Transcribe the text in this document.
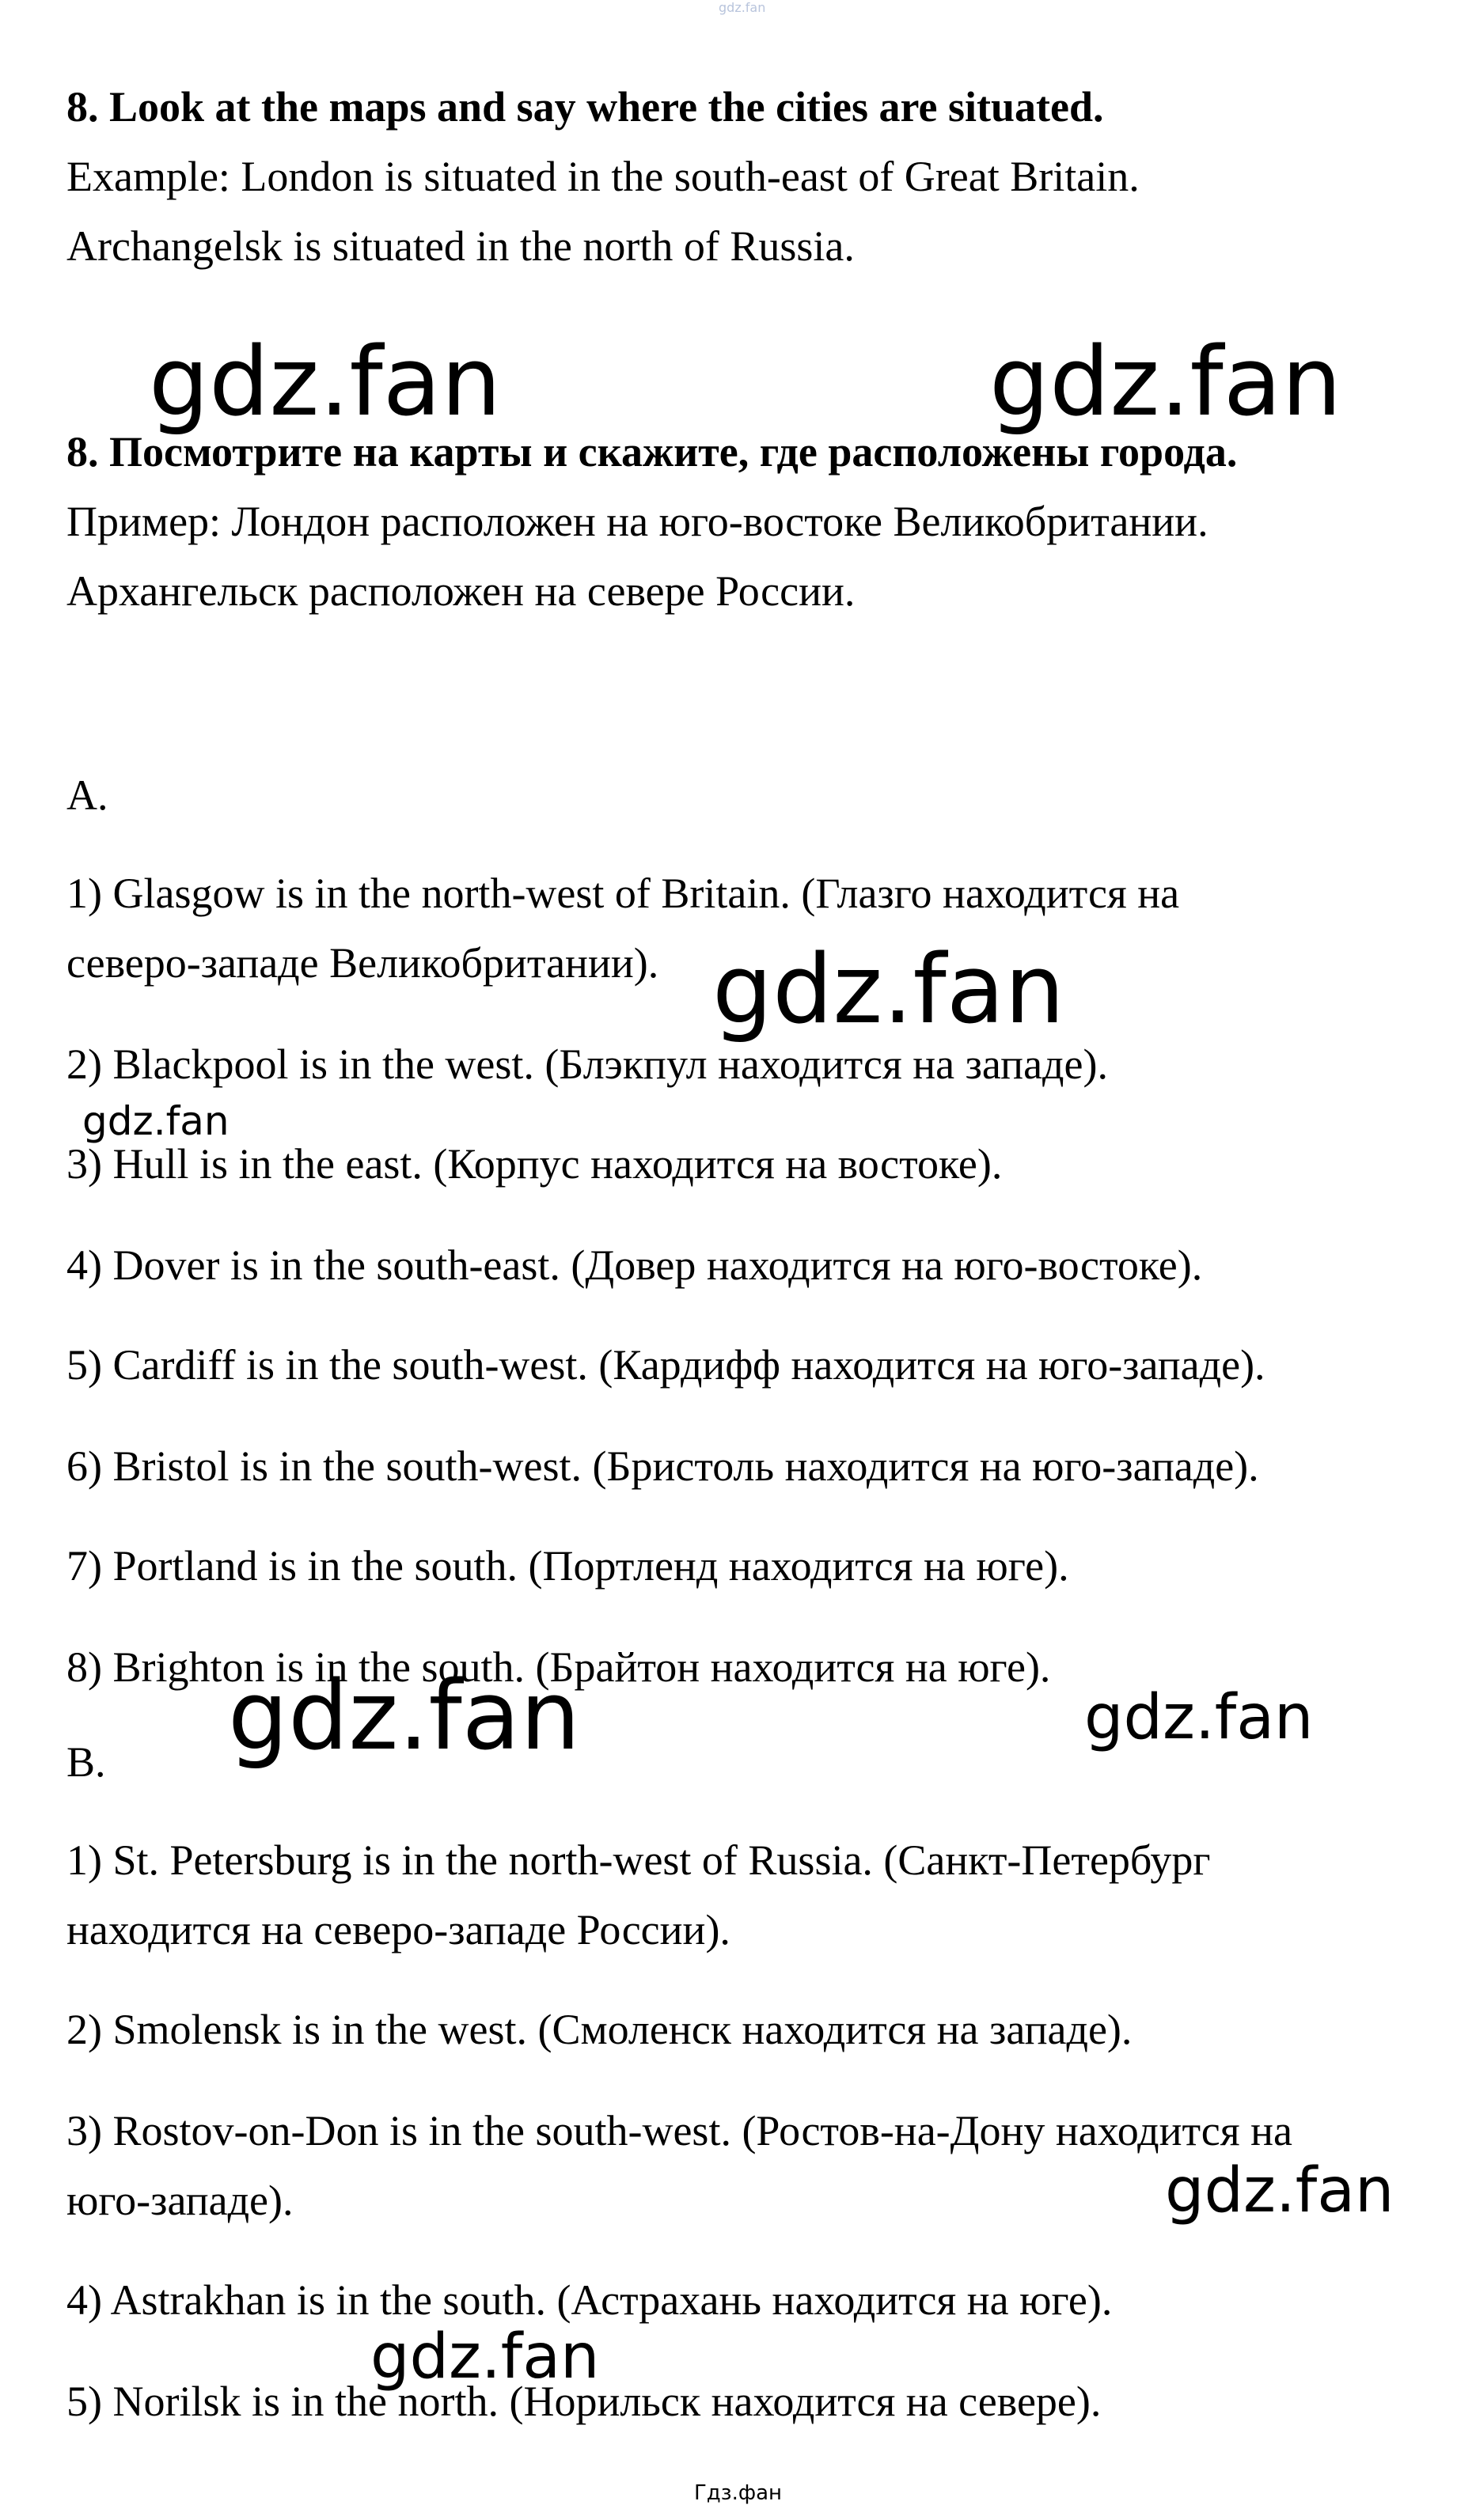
gdz.fan
8. Look at the maps and say where the cities are situated.
Example: London is situated in the south-east of Great Britain.
Archangelsk is situated in the north of Russia.
8. Посмотрите на карты и скажите, где расположены города.
Пример: Лондон расположен на юго-востоке Великобритании.
Архангельск расположен на севере России.
A.
1) Glasgow is in the north-west of Britain. (Глазго находится на
северо-западе Великобритании).
2) Blackpool is in the west. (Блэкпул находится на западе).
3) Hull is in the east. (Корпус находится на востоке).
4) Dover is in the south-east. (Довер находится на юго-востоке).
5) Cardiff is in the south-west. (Кардифф находится на юго-западе).
6) Bristol is in the south-west. (Бристоль находится на юго-западе).
7) Portland is in the south. (Портленд находится на юге).
8) Brighton is in the south. (Брайтон находится на юге).
B.
1) St. Petersburg is in the north-west of Russia. (Санкт-Петербург
находится на северо-западе России).
2) Smolensk is in the west. (Смоленск находится на западе).
3) Rostov-on-Don is in the south-west. (Ростов-на-Дону находится на
юго-западе).
4) Astrakhan is in the south. (Астрахань находится на юге).
5) Norilsk is in the north. (Норильск находится на севере).
gdz.fan	gdz.fan
gdz.fan
gdz.fan
gdz.fan	gdz.fan
gdz.fan
gdz.fan
Гдз.фан
